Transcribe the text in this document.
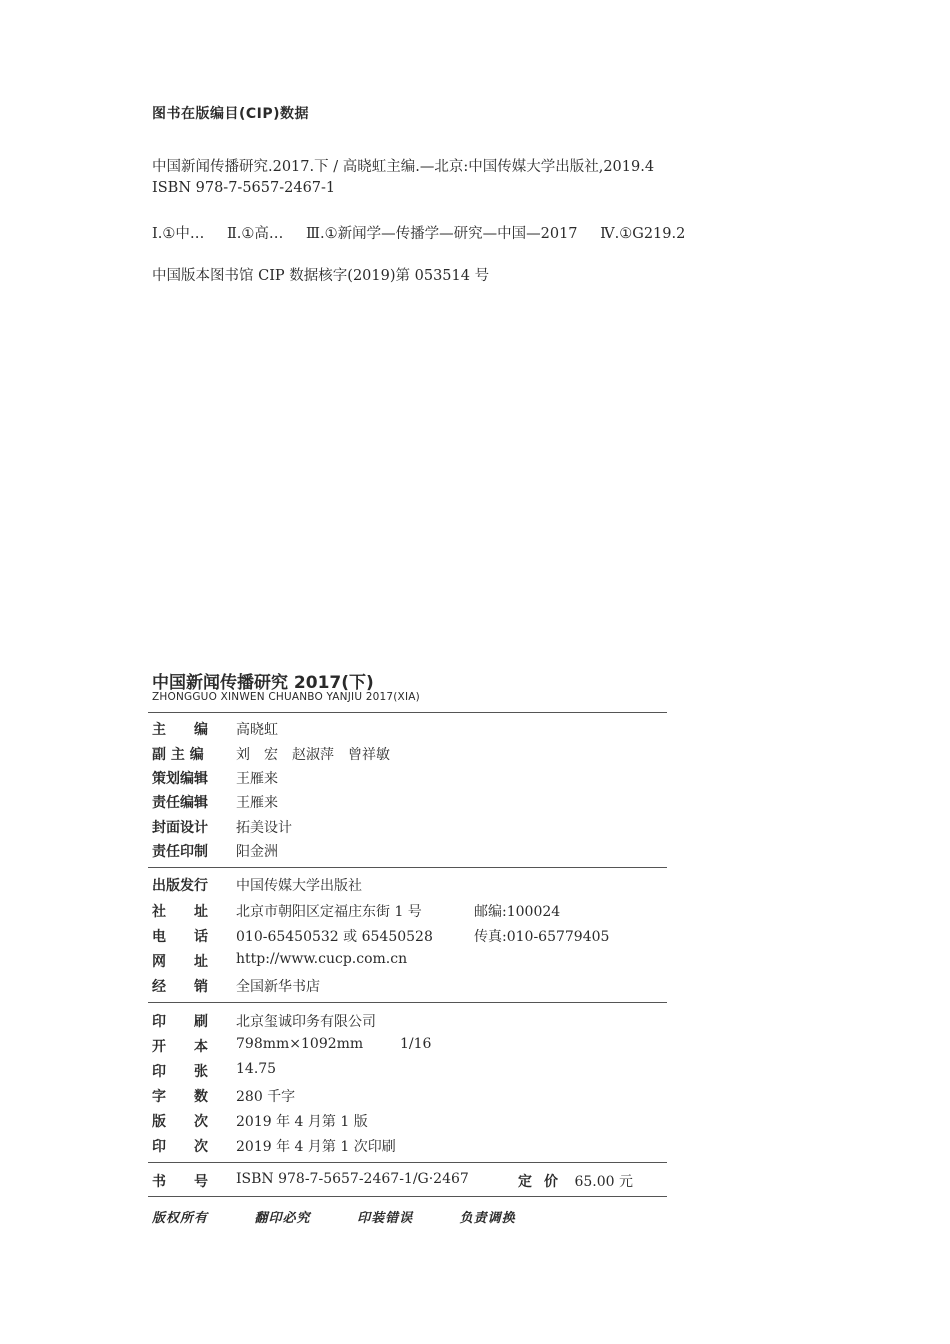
图书在版编目(CIP)数据
中国新闻传播研究.2017.下 / 高晓虹主编.—北京:中国传媒大学出版社,2019.4
ISBN 978-7-5657-2467-1
Ⅰ.①中… Ⅱ.①高… Ⅲ.①新闻学—传播学—研究—中国—2017 Ⅳ.①G219.2
中国版本图书馆 CIP 数据核字(2019)第 053514 号
中国新闻传播研究 2017(下)
ZHONGGUO XINWEN CHUANBO YANJIU 2017(XIA)
主　　编	高晓虹
副 主 编	刘　宏　赵淑萍　曾祥敏
策划编辑	王雁来
责任编辑	王雁来
封面设计	拓美设计
责任印制	阳金洲
出版发行	中国传媒大学出版社
社　　址	北京市朝阳区定福庄东街 1 号	邮编:100024
电　　话	010-65450532 或 65450528	传真:010-65779405
网　　址	http://www.cucp.com.cn
经　　销	全国新华书店
印　　刷	北京玺诚印务有限公司
开　　本	798mm×1092mm	1/16
印　　张	14.75
字　　数	280 千字
版　　次	2019 年 4 月第 1 版
印　　次	2019 年 4 月第 1 次印刷
书　　号	ISBN 978-7-5657-2467-1/G·2467	定价 65.00 元
版权所有	翻印必究	印装错误	负责调换
